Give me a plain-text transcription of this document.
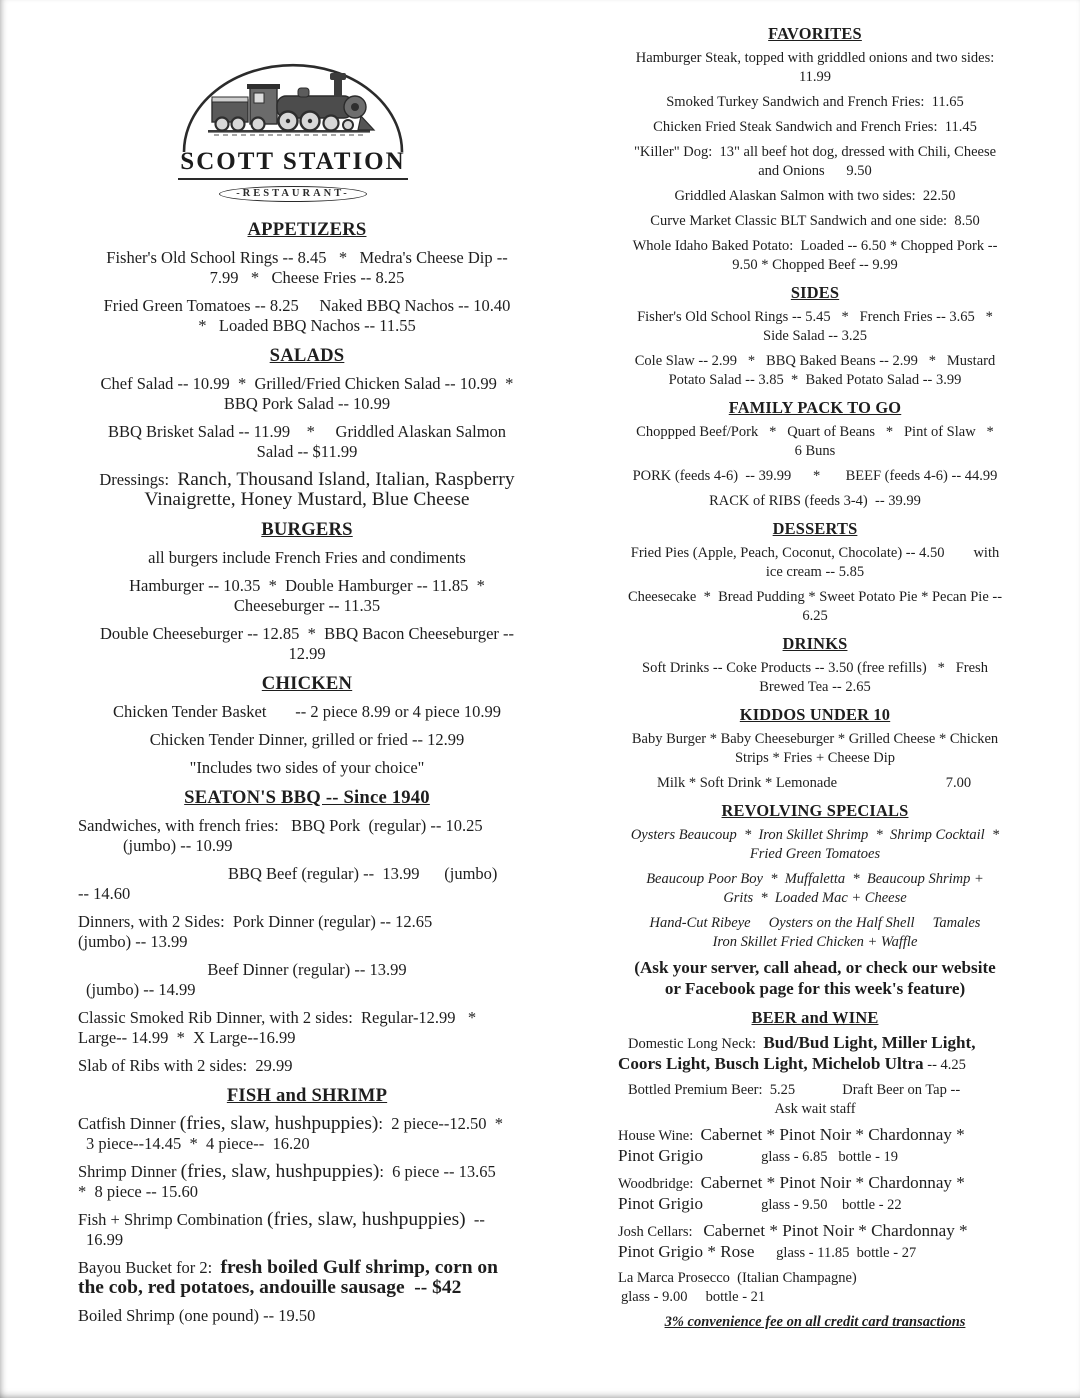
SCOTT STATION
-RESTAURANT-
APPETIZERS
Fisher's Old School Rings -- 8.45   *   Medra's Cheese Dip --
7.99   *   Cheese Fries -- 8.25
Fried Green Tomatoes -- 8.25     Naked BBQ Nachos -- 10.40
*   Loaded BBQ Nachos -- 11.55
SALADS
Chef Salad -- 10.99  *  Grilled/Fried Chicken Salad -- 10.99  *
BBQ Pork Salad -- 10.99
BBQ Brisket Salad -- 11.99    *     Griddled Alaskan Salmon
Salad -- $11.99
Dressings:  Ranch, Thousand Island, Italian, Raspberry
Vinaigrette, Honey Mustard, Blue Cheese
BURGERS
all burgers include French Fries and condiments
Hamburger -- 10.35  *  Double Hamburger -- 11.85  *
Cheeseburger -- 11.35
Double Cheeseburger -- 12.85  *  BBQ Bacon Cheeseburger --
12.99
CHICKEN
Chicken Tender Basket       -- 2 piece 8.99 or 4 piece 10.99
Chicken Tender Dinner, grilled or fried -- 12.99
"Includes two sides of your choice"
SEATON'S BBQ -- Since 1940
Sandwiches, with french fries:   BBQ Pork  (regular) -- 10.25
(jumbo) -- 10.99
BBQ Beef (regular) --  13.99      (jumbo)
-- 14.60
Dinners, with 2 Sides:  Pork Dinner (regular) -- 12.65
(jumbo) -- 13.99
Beef Dinner (regular) -- 13.99
(jumbo) -- 14.99
Classic Smoked Rib Dinner, with 2 sides:  Regular-12.99   *
Large-- 14.99  *  X Large--16.99
Slab of Ribs with 2 sides:  29.99
FISH and SHRIMP
Catfish Dinner (fries, slaw, hushpuppies):  2 piece--12.50  *
3 piece--14.45  *  4 piece--  16.20
Shrimp Dinner (fries, slaw, hushpuppies):  6 piece -- 13.65
*  8 piece -- 15.60
Fish + Shrimp Combination (fries, slaw, hushpuppies)  --
16.99
Bayou Bucket for 2:  fresh boiled Gulf shrimp, corn on
the cob, red potatoes, andouille sausage  -- $42
Boiled Shrimp (one pound) -- 19.50
FAVORITES
Hamburger Steak, topped with griddled onions and two sides:
11.99
Smoked Turkey Sandwich and French Fries:  11.65
Chicken Fried Steak Sandwich and French Fries:  11.45
"Killer" Dog:  13" all beef hot dog, dressed with Chili, Cheese
and Onions      9.50
Griddled Alaskan Salmon with two sides:  22.50
Curve Market Classic BLT Sandwich and one side:  8.50
Whole Idaho Baked Potato:  Loaded -- 6.50 * Chopped Pork --
9.50 * Chopped Beef -- 9.99
SIDES
Fisher's Old School Rings -- 5.45   *   French Fries -- 3.65   *
Side Salad -- 3.25
Cole Slaw -- 2.99   *   BBQ Baked Beans -- 2.99   *   Mustard
Potato Salad -- 3.85  *  Baked Potato Salad -- 3.99
FAMILY PACK TO GO
Choppped Beef/Pork   *   Quart of Beans   *   Pint of Slaw   *
6 Buns
PORK (feeds 4-6)  -- 39.99      *       BEEF (feeds 4-6) -- 44.99
RACK of RIBS (feeds 3-4)  -- 39.99
DESSERTS
Fried Pies (Apple, Peach, Coconut, Chocolate) -- 4.50        with
ice cream -- 5.85
Cheesecake  *  Bread Pudding * Sweet Potato Pie * Pecan Pie --
6.25
DRINKS
Soft Drinks -- Coke Products -- 3.50 (free refills)   *   Fresh
Brewed Tea -- 2.65
KIDDOS UNDER 10
Baby Burger * Baby Cheeseburger * Grilled Cheese * Chicken
Strips * Fries + Cheese Dip
Milk * Soft Drink * Lemonade                              7.00
REVOLVING SPECIALS
Oysters Beaucoup  *  Iron Skillet Shrimp  *  Shrimp Cocktail  *
Fried Green Tomatoes
Beaucoup Poor Boy  *  Muffaletta  *  Beaucoup Shrimp +
Grits  *  Loaded Mac + Cheese
Hand-Cut Ribeye     Oysters on the Half Shell     Tamales
Iron Skillet Fried Chicken + Waffle
(Ask your server, call ahead, or check our website
or Facebook page for this week's feature)
BEER and WINE
Domestic Long Neck:  Bud/Bud Light, Miller Light,
Coors Light, Busch Light, Michelob Ultra -- 4.25
Bottled Premium Beer:  5.25             Draft Beer on Tap --
Ask wait staff
House Wine:  Cabernet * Pinot Noir * Chardonnay *
Pinot Grigio                glass - 6.85   bottle - 19
Woodbridge:  Cabernet * Pinot Noir * Chardonnay *
Pinot Grigio                glass - 9.50    bottle - 22
Josh Cellars:   Cabernet * Pinot Noir * Chardonnay *
Pinot Grigio * Rose      glass - 11.85  bottle - 27
La Marca Prosecco  (Italian Champagne)
glass - 9.00     bottle - 21
3% convenience fee on all credit card transactions
